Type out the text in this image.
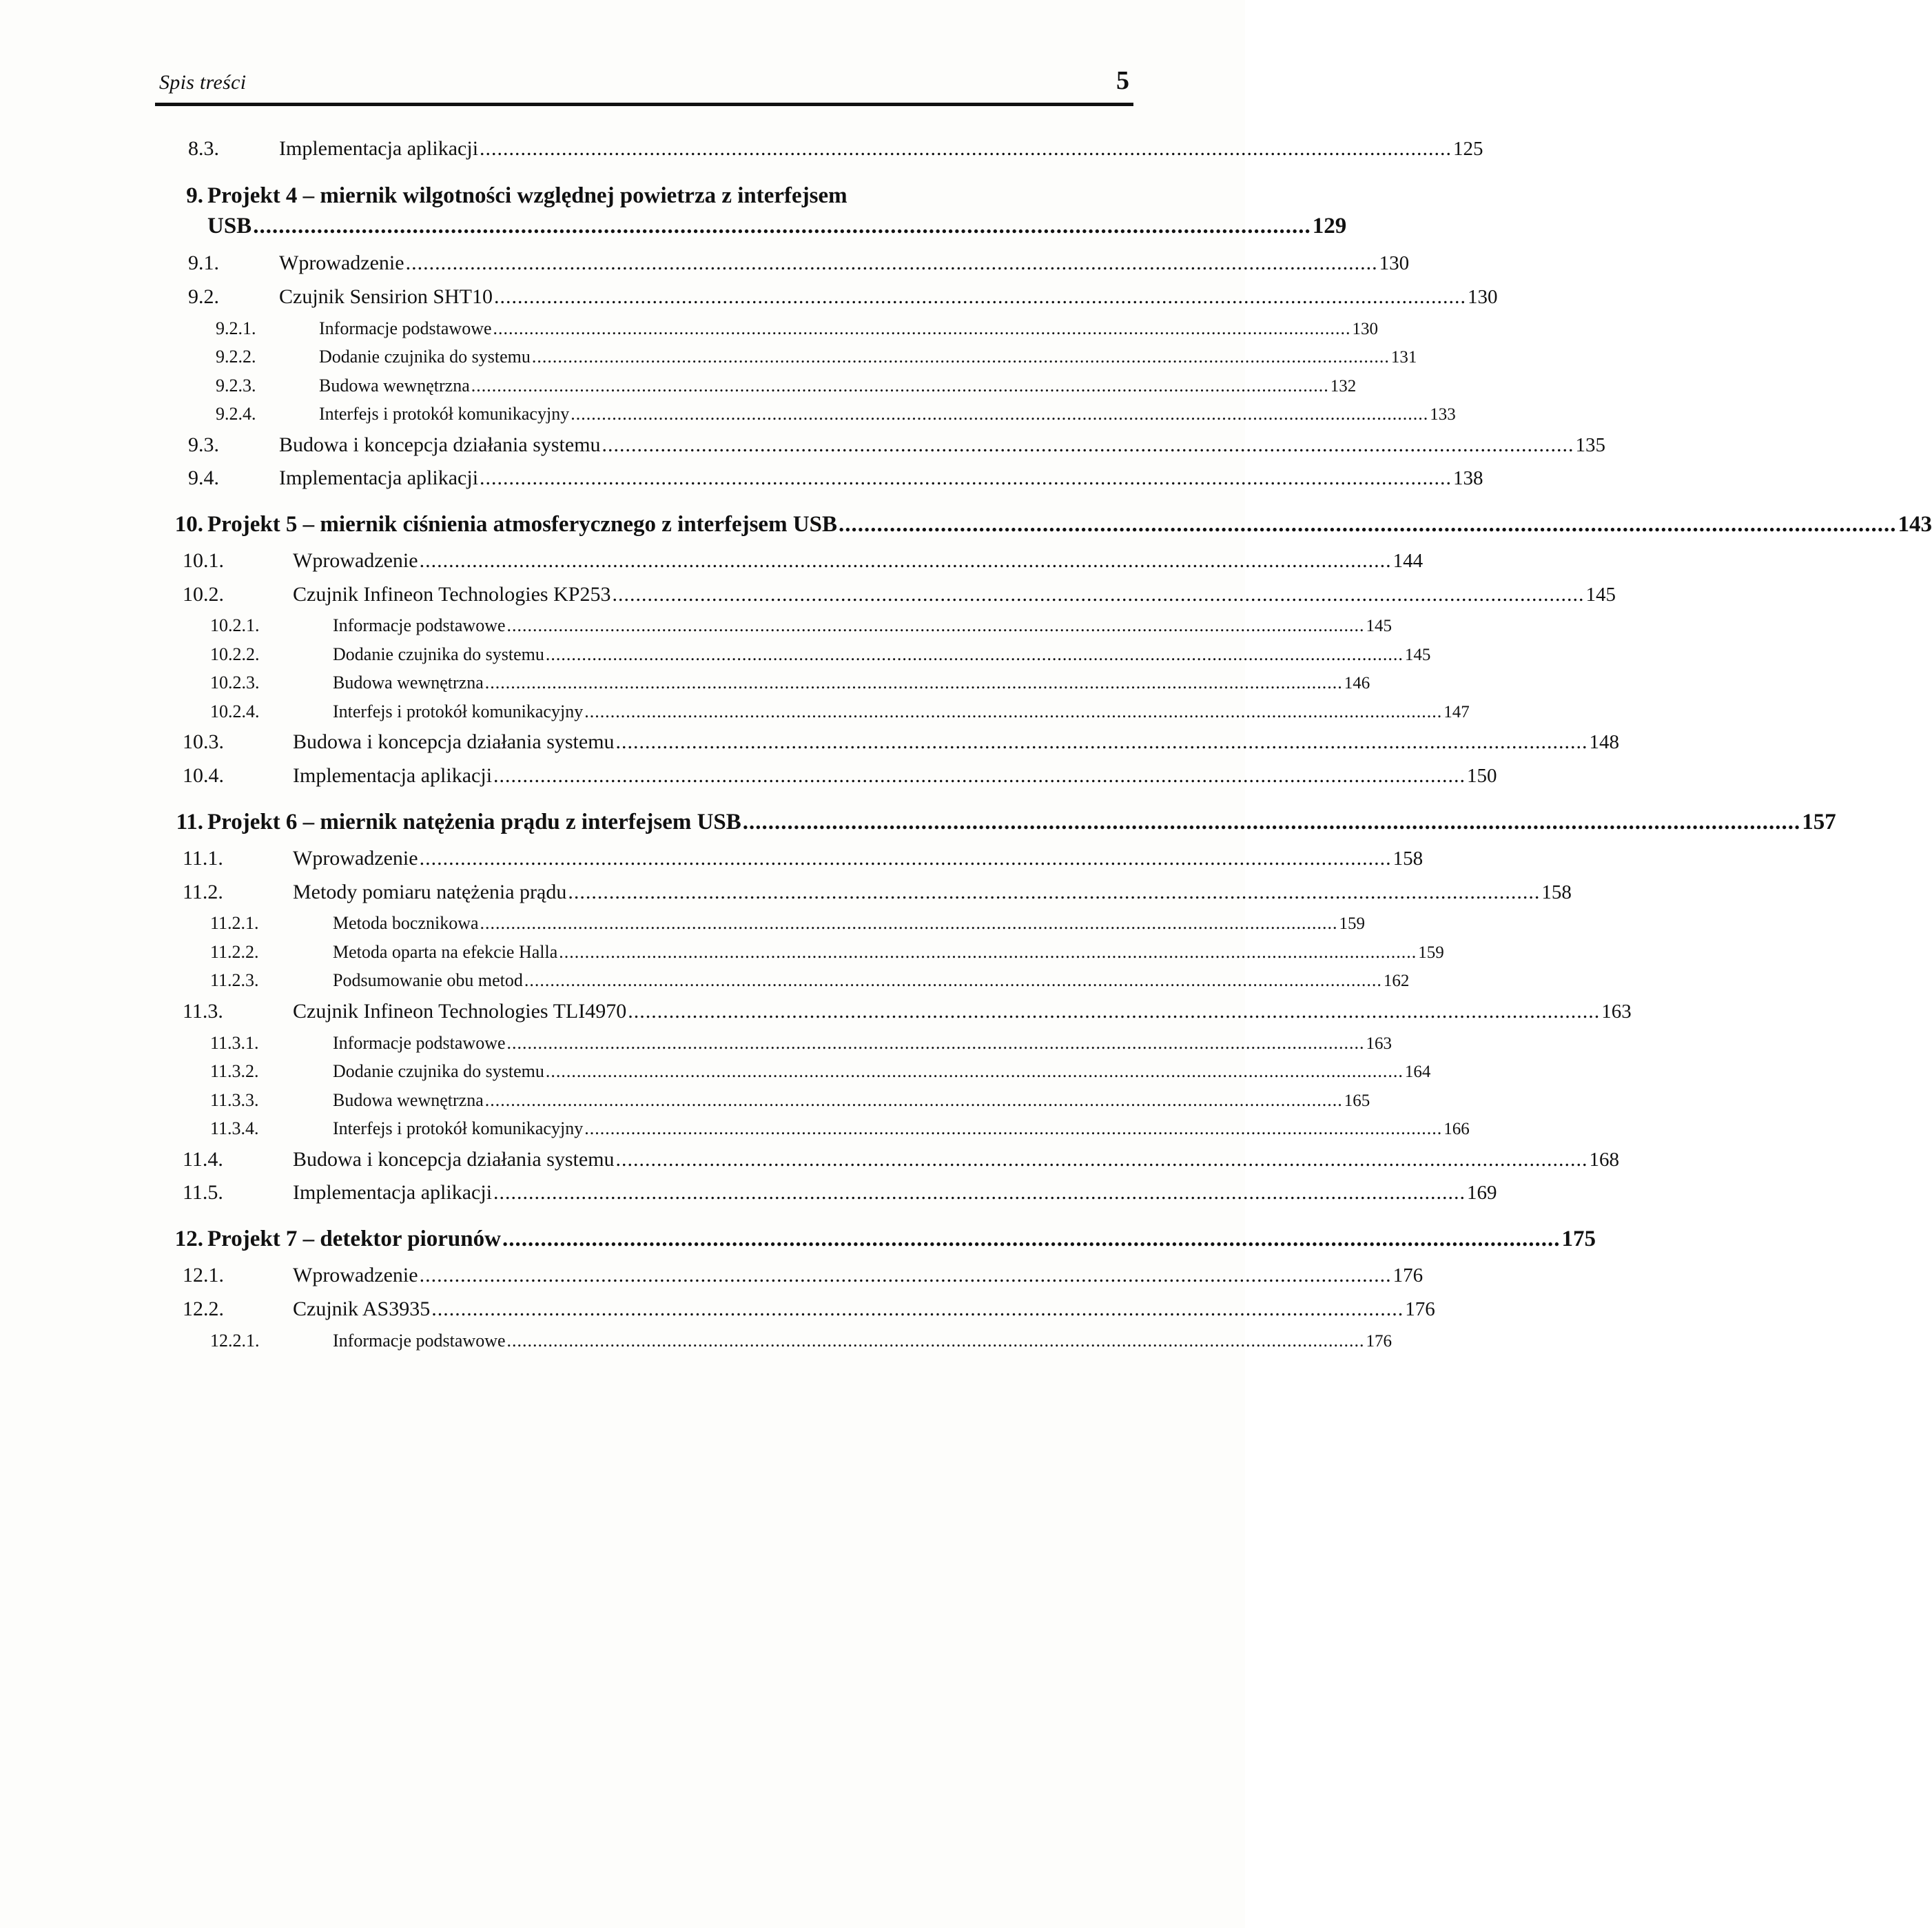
Spis treści	5
8.3.	Implementacja aplikacji ...................................................................................................................................................................... 125
9. Projekt 4 – miernik wilgotności względnej powietrza z interfejsem
USB ...................................................................................................................................................................... 129
9.1.	Wprowadzenie ...................................................................................................................................................................... 130
9.2.	Czujnik Sensirion SHT10 ...................................................................................................................................................................... 130
9.2.1.	Informacje podstawowe ...................................................................................................................................................................... 130
9.2.2.	Dodanie czujnika do systemu ...................................................................................................................................................................... 131
9.2.3.	Budowa wewnętrzna ...................................................................................................................................................................... 132
9.2.4.	Interfejs i protokół komunikacyjny ...................................................................................................................................................................... 133
9.3.	Budowa i koncepcja działania systemu ...................................................................................................................................................................... 135
9.4.	Implementacja aplikacji ...................................................................................................................................................................... 138
10. Projekt 5 – miernik ciśnienia atmosferycznego z interfejsem USB ...................................................................................................................................................................... 143
10.1.	Wprowadzenie ...................................................................................................................................................................... 144
10.2.	Czujnik Infineon Technologies KP253 ...................................................................................................................................................................... 145
10.2.1.	Informacje podstawowe ...................................................................................................................................................................... 145
10.2.2.	Dodanie czujnika do systemu ...................................................................................................................................................................... 145
10.2.3.	Budowa wewnętrzna ...................................................................................................................................................................... 146
10.2.4.	Interfejs i protokół komunikacyjny ...................................................................................................................................................................... 147
10.3.	Budowa i koncepcja działania systemu ...................................................................................................................................................................... 148
10.4.	Implementacja aplikacji ...................................................................................................................................................................... 150
11. Projekt 6 – miernik natężenia prądu z interfejsem USB ...................................................................................................................................................................... 157
11.1.	Wprowadzenie ...................................................................................................................................................................... 158
11.2.	Metody pomiaru natężenia prądu ...................................................................................................................................................................... 158
11.2.1.	Metoda bocznikowa ...................................................................................................................................................................... 159
11.2.2.	Metoda oparta na efekcie Halla ...................................................................................................................................................................... 159
11.2.3.	Podsumowanie obu metod ...................................................................................................................................................................... 162
11.3.	Czujnik Infineon Technologies TLI4970 ...................................................................................................................................................................... 163
11.3.1.	Informacje podstawowe ...................................................................................................................................................................... 163
11.3.2.	Dodanie czujnika do systemu ...................................................................................................................................................................... 164
11.3.3.	Budowa wewnętrzna ...................................................................................................................................................................... 165
11.3.4.	Interfejs i protokół komunikacyjny ...................................................................................................................................................................... 166
11.4.	Budowa i koncepcja działania systemu ...................................................................................................................................................................... 168
11.5.	Implementacja aplikacji ...................................................................................................................................................................... 169
12. Projekt 7 – detektor piorunów ...................................................................................................................................................................... 175
12.1.	Wprowadzenie ...................................................................................................................................................................... 176
12.2.	Czujnik AS3935 ...................................................................................................................................................................... 176
12.2.1.	Informacje podstawowe ...................................................................................................................................................................... 176
